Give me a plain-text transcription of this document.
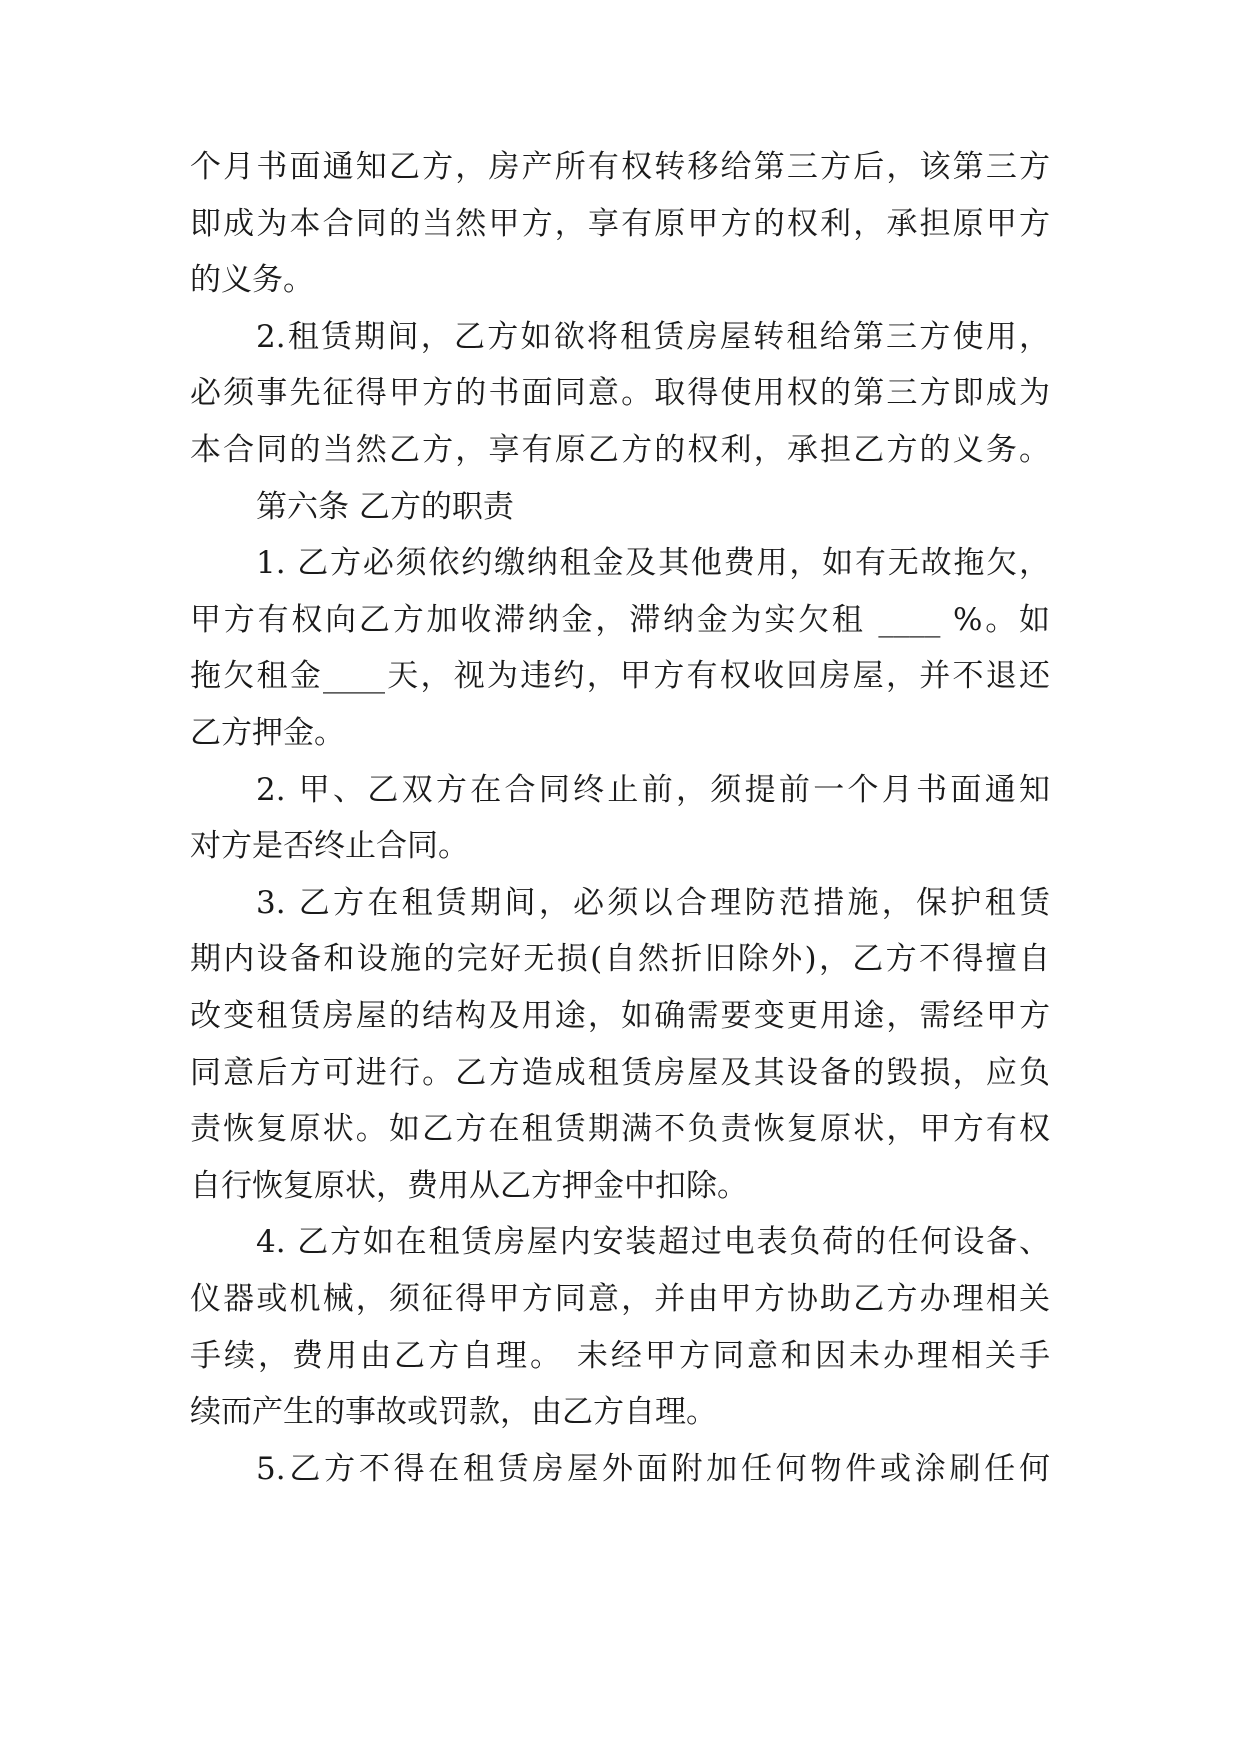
个月书面通知乙方，房产所有权转移给第三方后，该第三方
即成为本合同的当然甲方，享有原甲方的权利，承担原甲方
的义务。
2.租赁期间，乙方如欲将租赁房屋转租给第三方使用，
必须事先征得甲方的书面同意。取得使用权的第三方即成为
本合同的当然乙方，享有原乙方的权利，承担乙方的义务。
第六条 乙方的职责
1. 乙方必须依约缴纳租金及其他费用，如有无故拖欠，
甲方有权向乙方加收滞纳金，滞纳金为实欠租 ____ %。如
拖欠租金____天，视为违约，甲方有权收回房屋，并不退还
乙方押金。
2. 甲、乙双方在合同终止前，须提前一个月书面通知
对方是否终止合同。
3. 乙方在租赁期间，必须以合理防范措施，保护租赁
期内设备和设施的完好无损(自然折旧除外)，乙方不得擅自
改变租赁房屋的结构及用途，如确需要变更用途，需经甲方
同意后方可进行。乙方造成租赁房屋及其设备的毁损，应负
责恢复原状。如乙方在租赁期满不负责恢复原状，甲方有权
自行恢复原状，费用从乙方押金中扣除。
4. 乙方如在租赁房屋内安装超过电表负荷的任何设备、
仪器或机械，须征得甲方同意，并由甲方协助乙方办理相关
手续，费用由乙方自理。 未经甲方同意和因未办理相关手
续而产生的事故或罚款，由乙方自理。
5.乙方不得在租赁房屋外面附加任何物件或涂刷任何
